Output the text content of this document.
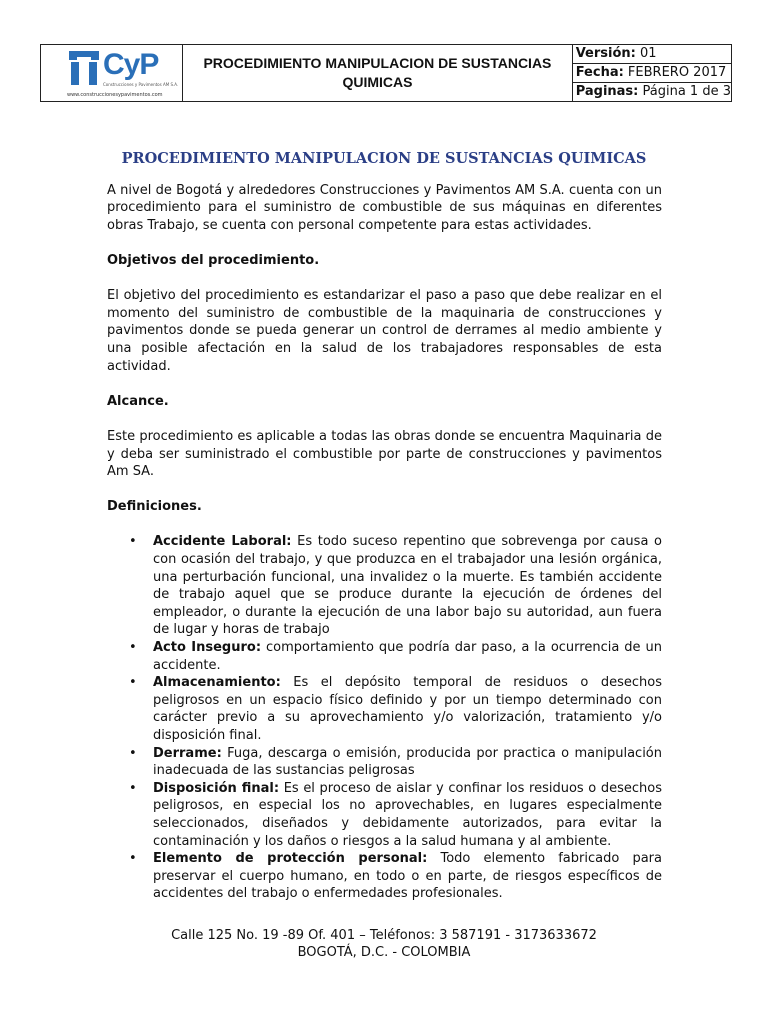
CyP
Construcciones y Pavimentos AM S.A.
www.construccionesypavimentos.com
PROCEDIMIENTO MANIPULACION DE SUSTANCIAS QUIMICAS
Versión: 01
Fecha: FEBRERO 2017
Paginas: Página 1 de 3
PROCEDIMIENTO MANIPULACION DE SUSTANCIAS QUIMICAS

A nivel de Bogotá y alrededores Construcciones y Pavimentos AM S.A. cuenta con un procedimiento para el suministro de combustible de sus máquinas en diferentes obras Trabajo, se cuenta con personal competente para estas actividades.

Objetivos del procedimiento.

El objetivo del procedimiento es estandarizar el paso a paso que debe realizar en el momento del suministro de combustible de la maquinaria de construcciones y pavimentos donde se pueda generar un control de derrames al medio ambiente y una posible afectación en la salud de los trabajadores responsables de esta actividad.

Alcance.

Este procedimiento es aplicable a todas las obras donde se encuentra Maquinaria de y deba ser suministrado el combustible por parte de construcciones y pavimentos Am SA.

Definiciones.

• Accidente Laboral: Es todo suceso repentino que sobrevenga por causa o con ocasión del trabajo, y que produzca en el trabajador una lesión orgánica, una perturbación funcional, una invalidez o la muerte. Es también accidente de trabajo aquel que se produce durante la ejecución de órdenes del empleador, o durante la ejecución de una labor bajo su autoridad, aun fuera de lugar y horas de trabajo
• Acto Inseguro: comportamiento que podría dar paso, a la ocurrencia de un accidente.
• Almacenamiento: Es el depósito temporal de residuos o desechos peligrosos en un espacio físico definido y por un tiempo determinado con carácter previo a su aprovechamiento y/o valorización, tratamiento y/o disposición final.
• Derrame: Fuga, descarga o emisión, producida por practica o manipulación inadecuada de las sustancias peligrosas
• Disposición final: Es el proceso de aislar y confinar los residuos o desechos peligrosos, en especial los no aprovechables, en lugares especialmente seleccionados, diseñados y debidamente autorizados, para evitar la contaminación y los daños o riesgos a la salud humana y al ambiente.
• Elemento de protección personal: Todo elemento fabricado para preservar el cuerpo humano, en todo o en parte, de riesgos específicos de accidentes del trabajo o enfermedades profesionales.
Calle 125 No. 19 -89 Of. 401 – Teléfonos: 3 587191 - 3173633672
BOGOTÁ, D.C. - COLOMBIA
